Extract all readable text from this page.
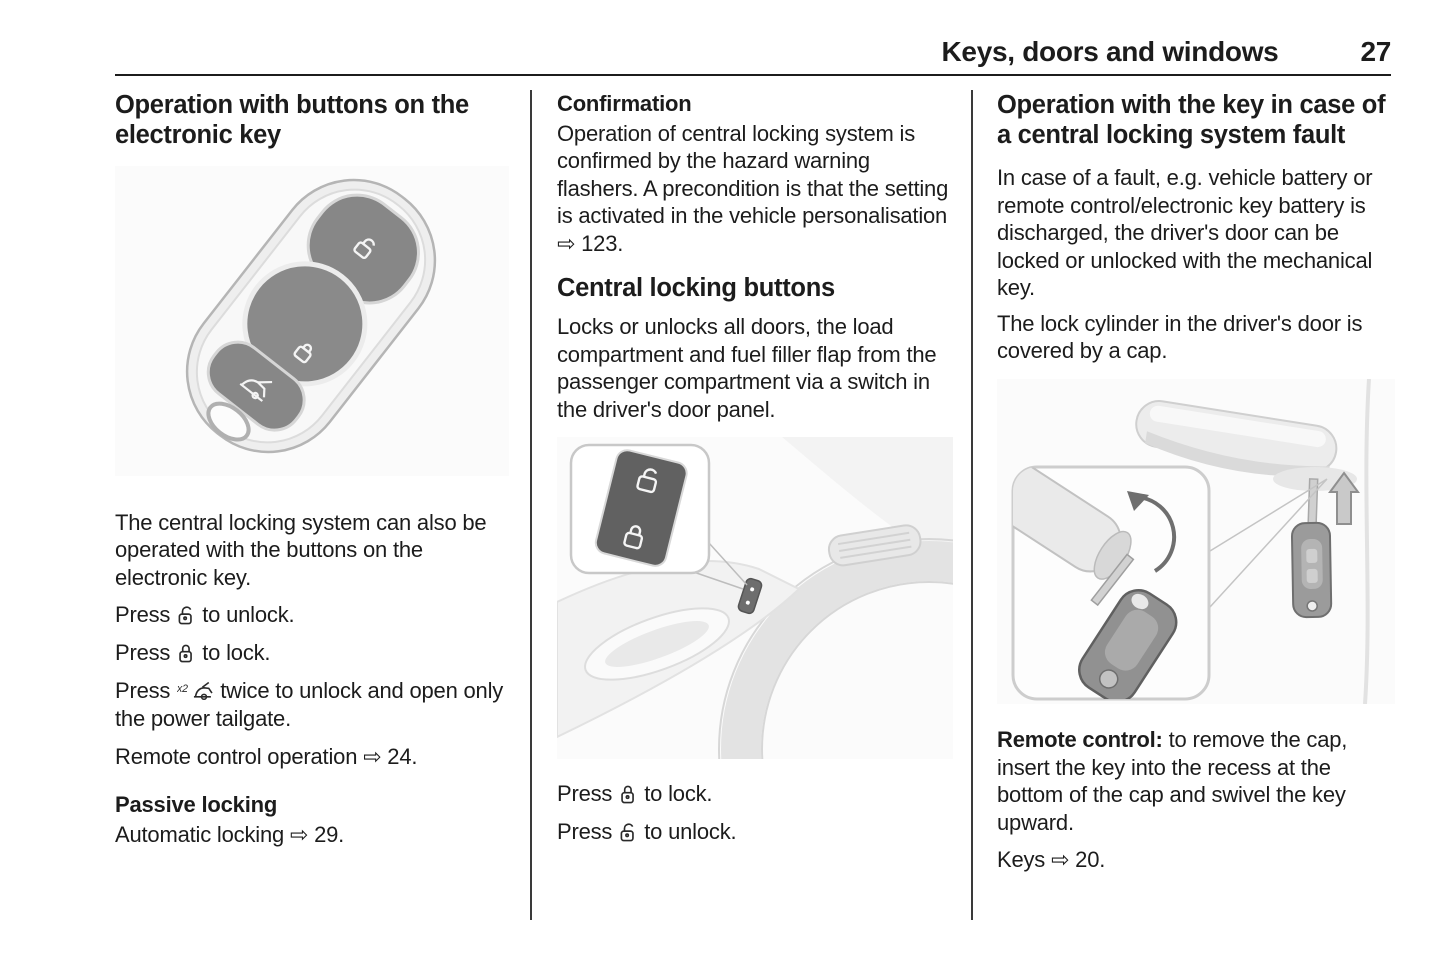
Keys, doors and windows	27
Operation with buttons on the
electronic key

The central locking system can also be operated with the buttons on the electronic key.

Press to unlock.
Press to lock.
Press x2 twice to unlock and open only the power tailgate.
Remote control operation ⇨ 24.
Passive locking
Automatic locking ⇨ 29.
Confirmation

Operation of central locking system is confirmed by the hazard warning flashers. A precondition is that the setting is activated in the vehicle personalisation ⇨ 123.

Central locking buttons

Locks or unlocks all doors, the load compartment and fuel filler flap from the passenger compartment via a switch in the driver's door panel.

Press to lock.
Press to unlock.
Operation with the key in case of
a central locking system fault

In case of a fault, e.g. vehicle battery or remote control/electronic key battery is discharged, the driver's door can be locked or unlocked with the mechanical key.

The lock cylinder in the driver's door is covered by a cap.

Remote control: to remove the cap, insert the key into the recess at the bottom of the cap and swivel the key upward.

Keys ⇨ 20.
